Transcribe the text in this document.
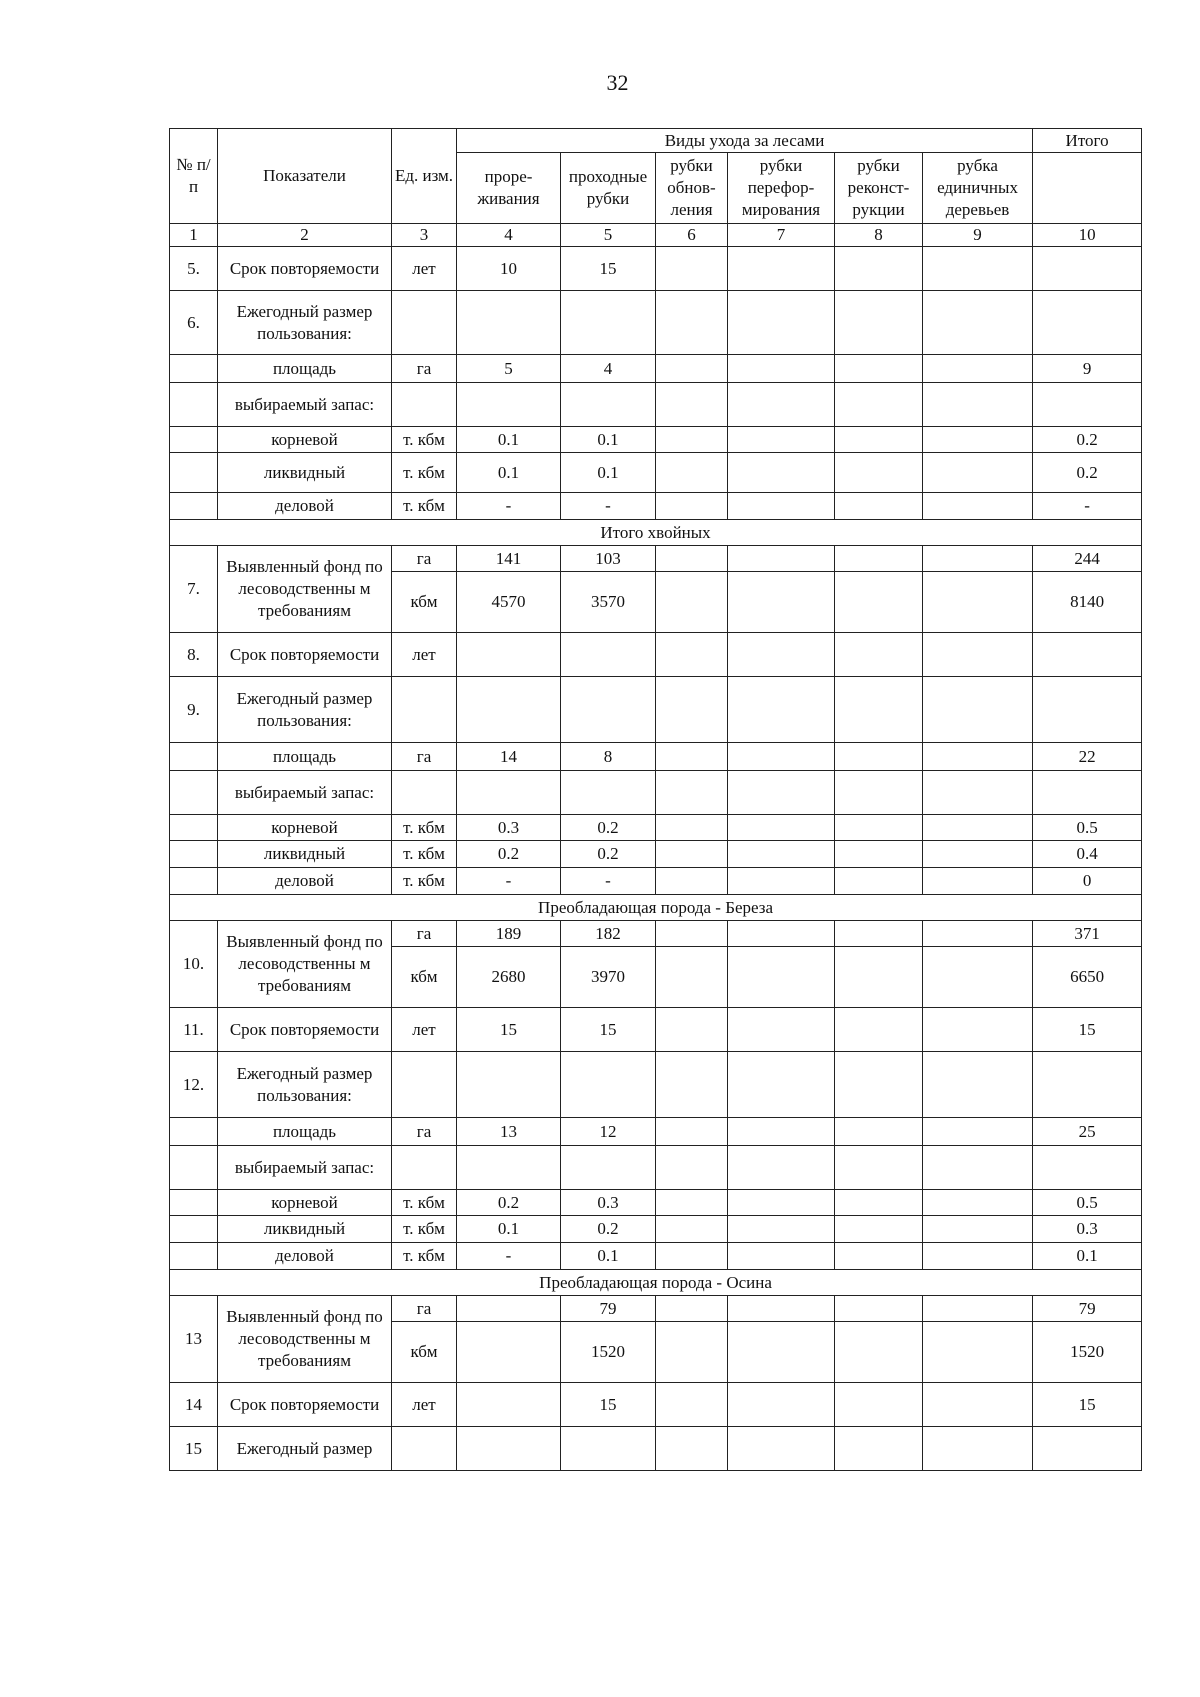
32
№ п/п	Показатели	Ед. изм.	Виды ухода за лесами						Итого
			проре-живания	проходные рубки	рубки обнов-ления	рубки перефор-мирования	рубки реконст-рукции	рубка единичных деревьев	
1	2	3	4	5	6	7	8	9	10
5.	Срок повторяемости	лет	10	15					
6.	Ежегодный размер пользования:								
	площадь	га	5	4					9
	выбираемый запас:								
	корневой	т. кбм	0.1	0.1					0.2
	ликвидный	т. кбм	0.1	0.1					0.2
	деловой	т. кбм	-	-					-
Итого хвойных									
7.	Выявленный фонд по лесоводственны м требованиям	га	141	103					244
		кбм	4570	3570					8140
8.	Срок повторяемости	лет							
9.	Ежегодный размер пользования:								
	площадь	га	14	8					22
	выбираемый запас:								
	корневой	т. кбм	0.3	0.2					0.5
	ликвидный	т. кбм	0.2	0.2					0.4
	деловой	т. кбм	-	-					0
Преобладающая порода - Береза									
10.	Выявленный фонд по лесоводственны м требованиям	га	189	182					371
		кбм	2680	3970					6650
11.	Срок повторяемости	лет	15	15					15
12.	Ежегодный размер пользования:								
	площадь	га	13	12					25
	выбираемый запас:								
	корневой	т. кбм	0.2	0.3					0.5
	ликвидный	т. кбм	0.1	0.2					0.3
	деловой	т. кбм	-	0.1					0.1
Преобладающая порода - Осина									
13	Выявленный фонд по лесоводственны м требованиям	га		79					79
		кбм		1520					1520
14	Срок повторяемости	лет		15					15
15	Ежегодный размер								
